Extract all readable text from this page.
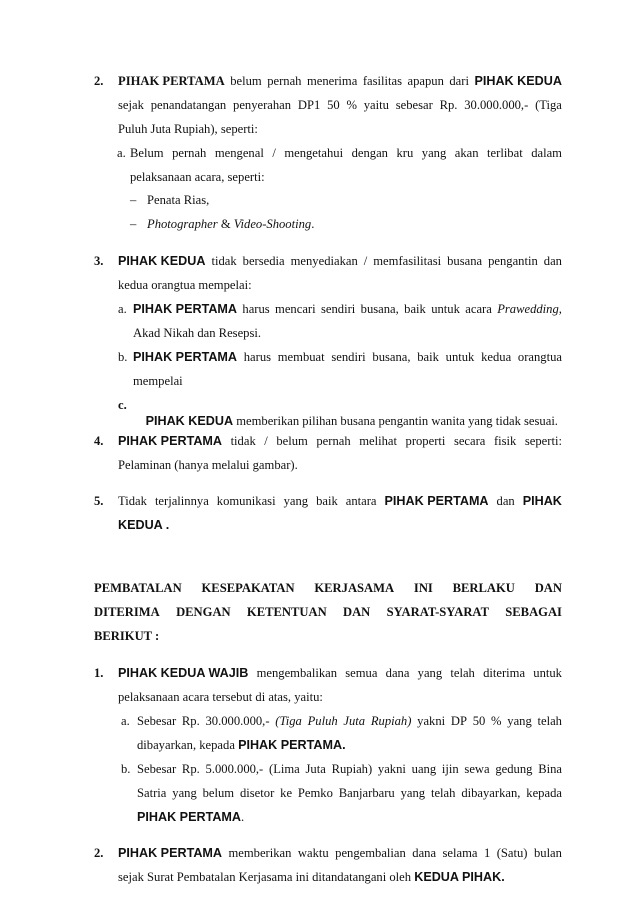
2. PIHAK PERTAMA belum pernah menerima fasilitas apapun dari PIHAK KEDUA
sejak penandatangan penyerahan DP1 50 % yaitu sebesar Rp. 30.000.000,- (Tiga
Puluh Juta Rupiah), seperti:
a. Belum pernah mengenal / mengetahui dengan kru yang akan terlibat dalam
pelaksanaan acara, seperti:
– Penata Rias,
– Photographer & Video-Shooting.
3. PIHAK KEDUA tidak bersedia menyediakan / memfasilitasi busana pengantin dan
kedua orangtua mempelai:
a. PIHAK PERTAMA harus mencari sendiri busana, baik untuk acara Prawedding,
Akad Nikah dan Resepsi.
b. PIHAK PERTAMA harus membuat sendiri busana, baik untuk kedua orangtua
mempelai
c.

PIHAK KEDUA memberikan pilihan busana pengantin wanita yang tidak sesuai.

4. PIHAK PERTAMA tidak / belum pernah melihat properti secara fisik seperti:
Pelaminan (hanya melalui gambar).
5. Tidak terjalinnya komunikasi yang baik antara PIHAK PERTAMA dan PIHAK
KEDUA .
PEMBATALAN KESEPAKATAN KERJASAMA INI BERLAKU DAN
DITERIMA DENGAN KETENTUAN DAN SYARAT-SYARAT SEBAGAI
BERIKUT :
1. PIHAK KEDUA WAJIB mengembalikan semua dana yang telah diterima untuk
pelaksanaan acara tersebut di atas, yaitu:
a. Sebesar Rp. 30.000.000,- (Tiga Puluh Juta Rupiah) yakni DP 50 % yang telah
dibayarkan, kepada PIHAK PERTAMA.
b. Sebesar Rp. 5.000.000,- (Lima Juta Rupiah) yakni uang ijin sewa gedung Bina
Satria yang belum disetor ke Pemko Banjarbaru yang telah dibayarkan, kepada
PIHAK PERTAMA.
2. PIHAK PERTAMA memberikan waktu pengembalian dana selama 1 (Satu) bulan
sejak Surat Pembatalan Kerjasama ini ditandatangani oleh KEDUA PIHAK.
